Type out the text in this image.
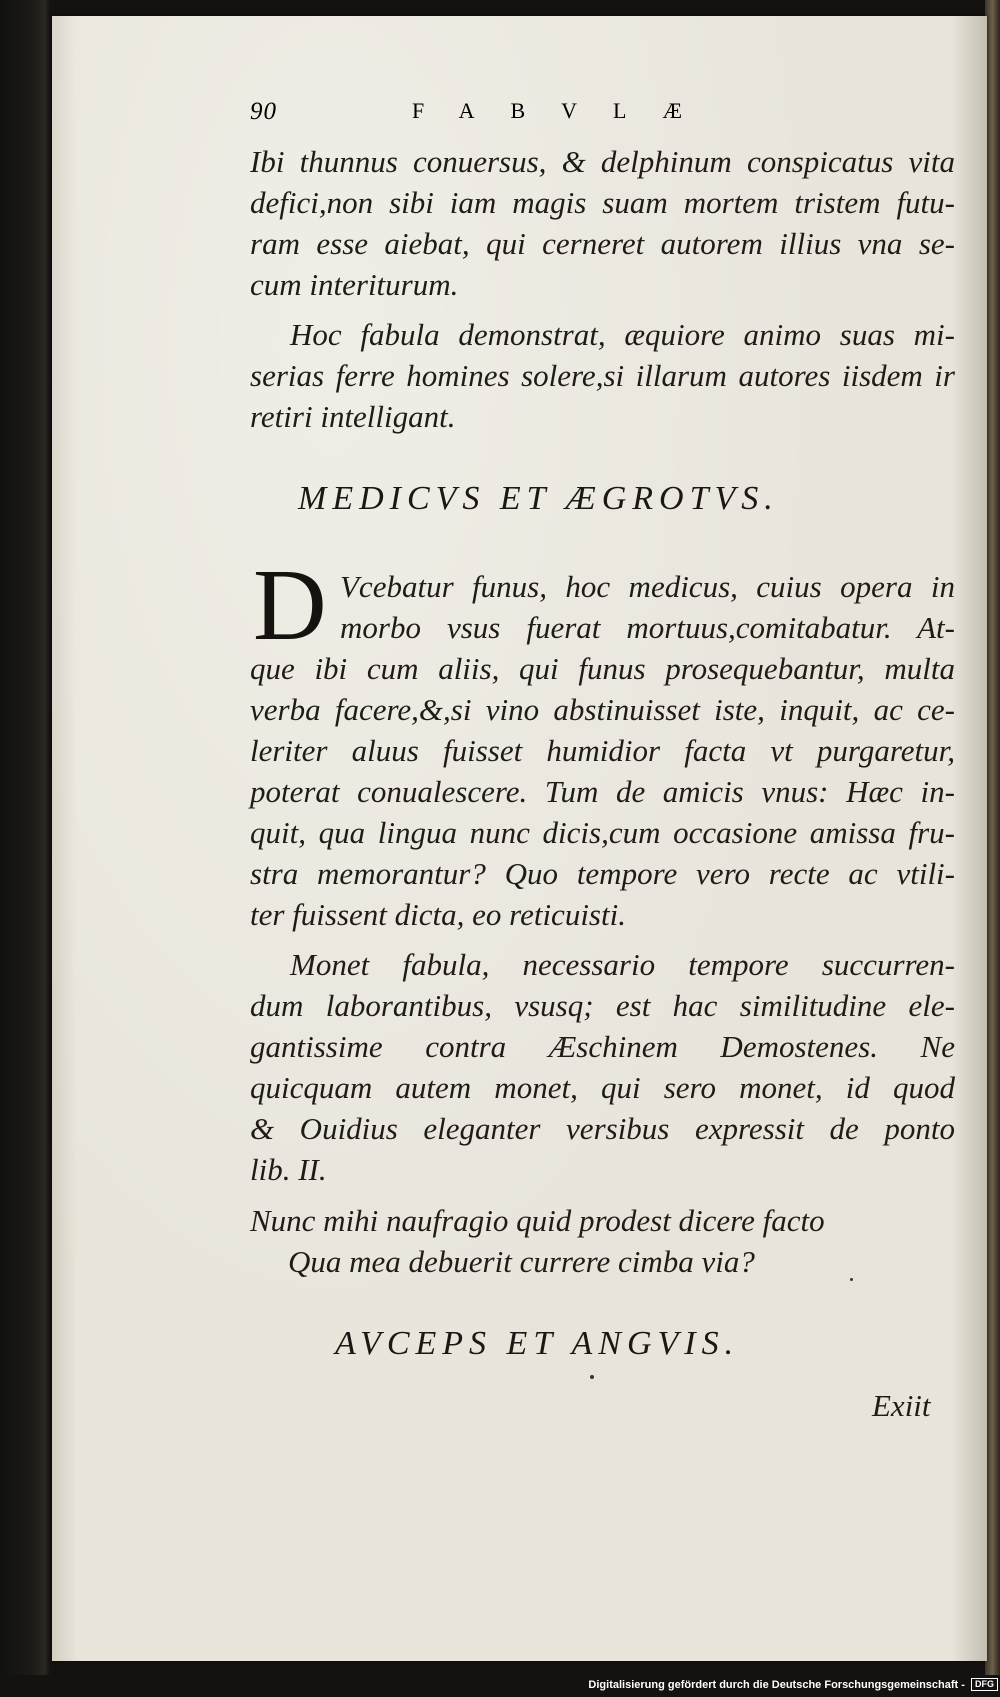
90	FABVLÆ
Ibi thunnus conuersus, & delphinum conspicatus vita
defici,non sibi iam magis suam mortem tristem futu-
ram esse aiebat, qui cerneret autorem illius vna se-
cum interiturum.
Hoc fabula demonstrat, æquiore animo suas mi-
serias ferre homines solere,si illarum autores iisdem ir
retiri intelligant.
MEDICVS ET ÆGROTVS.
D Vcebatur funus, hoc medicus, cuius opera in
morbo vsus fuerat mortuus,comitabatur. At-
que ibi cum aliis, qui funus prosequebantur, multa
verba facere,&,si vino abstinuisset iste, inquit, ac ce-
leriter aluus fuisset humidior facta vt purgaretur,
poterat conualescere. Tum de amicis vnus: Hæc in-
quit, qua lingua nunc dicis,cum occasione amissa fru-
stra memorantur? Quo tempore vero recte ac vtili-
ter fuissent dicta, eo reticuisti.
Monet fabula, necessario tempore succurren-
dum laborantibus, vsusq; est hac similitudine ele-
gantissime contra Æschinem Demostenes. Ne
quicquam autem monet, qui sero monet, id quod
& Ouidius eleganter versibus expressit de ponto
lib. II.
Nunc mihi naufragio quid prodest dicere facto
Qua mea debuerit currere cimba via?
AVCEPS ET ANGVIS.
Exiit
Digitalisierung gefördert durch die Deutsche Forschungsgemeinschaft - DFG
